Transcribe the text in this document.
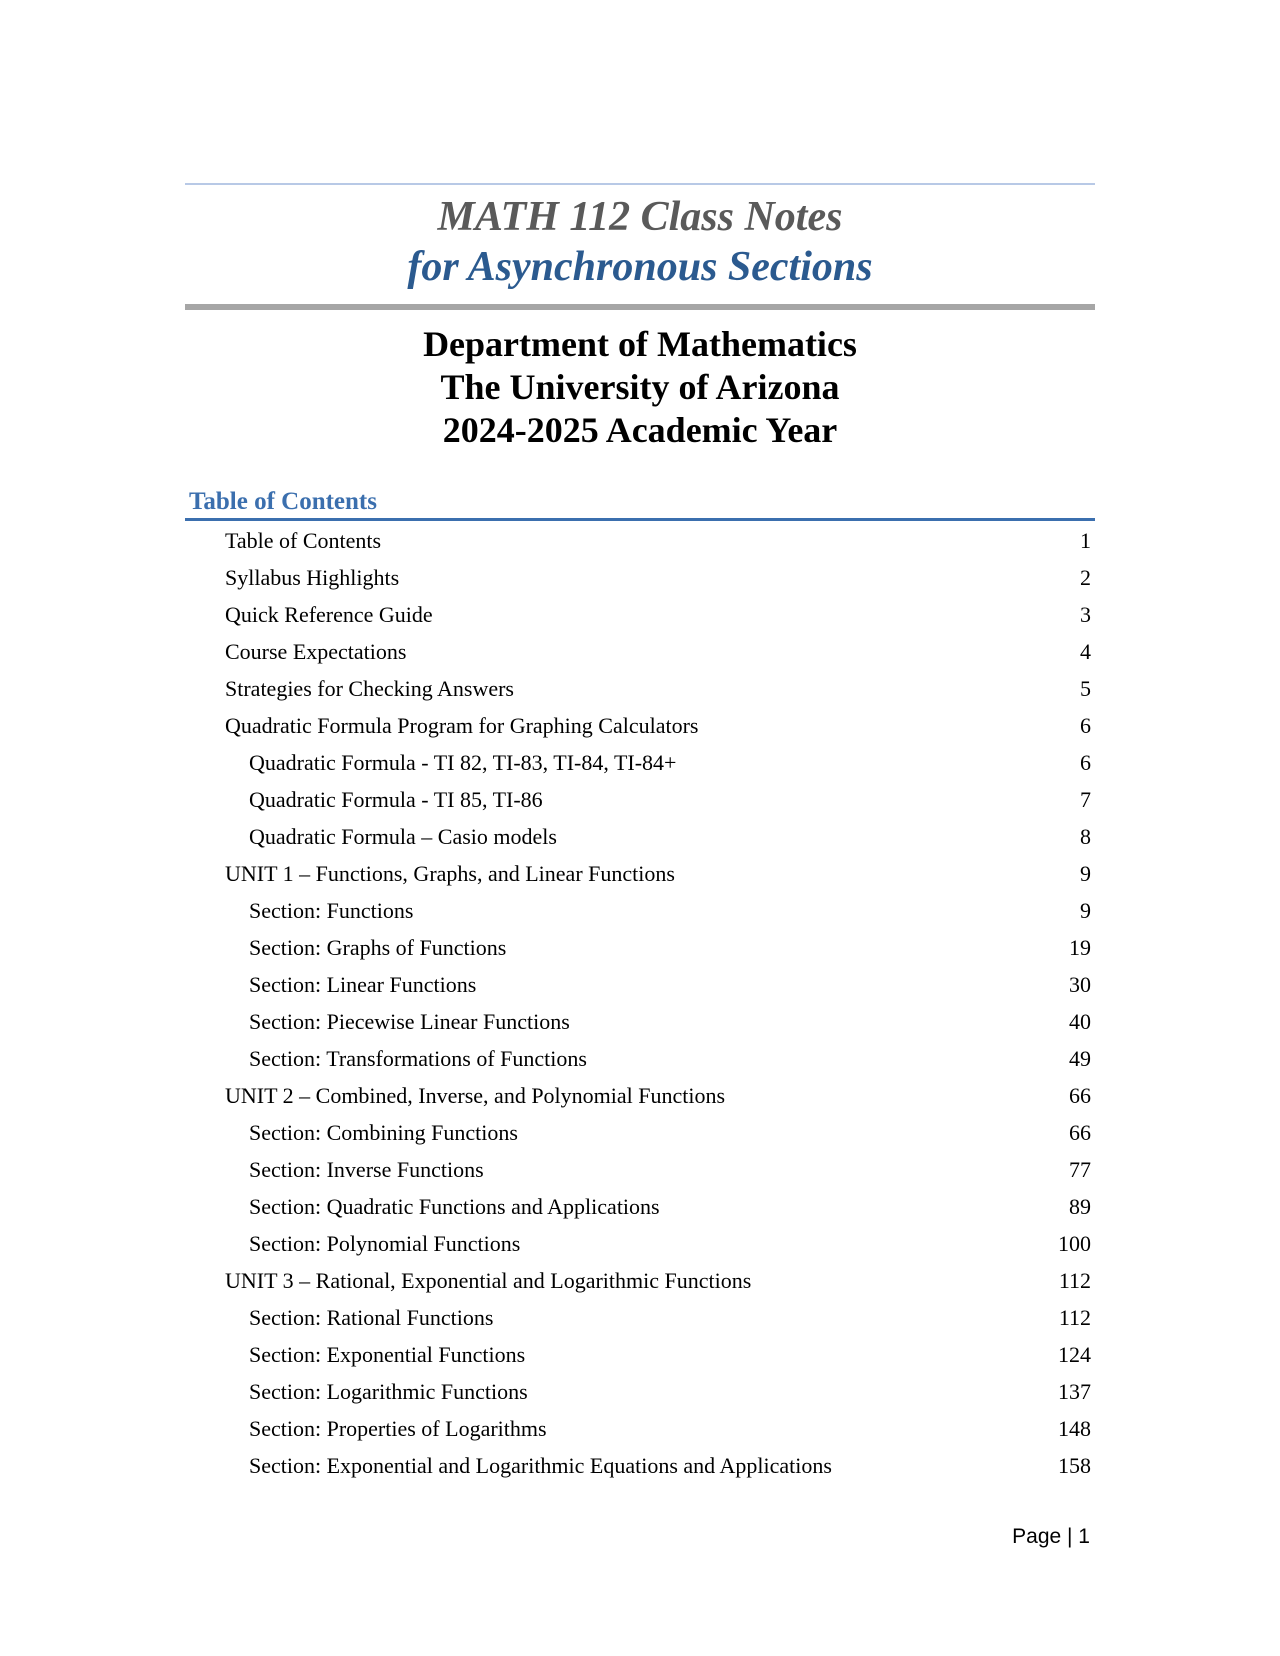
MATH 112 Class Notes
for Asynchronous Sections
Department of Mathematics
The University of Arizona
2024-2025 Academic Year
Table of Contents
Table of Contents	1
Syllabus Highlights	2
Quick Reference Guide	3
Course Expectations	4
Strategies for Checking Answers	5
Quadratic Formula Program for Graphing Calculators	6
Quadratic Formula - TI 82, TI-83, TI-84, TI-84+	6
Quadratic Formula - TI 85, TI-86	7
Quadratic Formula – Casio models	8
UNIT 1 – Functions, Graphs, and Linear Functions	9
Section: Functions	9
Section: Graphs of Functions	19
Section: Linear Functions	30
Section: Piecewise Linear Functions	40
Section: Transformations of Functions	49
UNIT 2 – Combined, Inverse, and Polynomial Functions	66
Section: Combining Functions	66
Section: Inverse Functions	77
Section: Quadratic Functions and Applications	89
Section: Polynomial Functions	100
UNIT 3 – Rational, Exponential and Logarithmic Functions	112
Section: Rational Functions	112
Section: Exponential Functions	124
Section: Logarithmic Functions	137
Section: Properties of Logarithms	148
Section: Exponential and Logarithmic Equations and Applications	158
Page | 1
